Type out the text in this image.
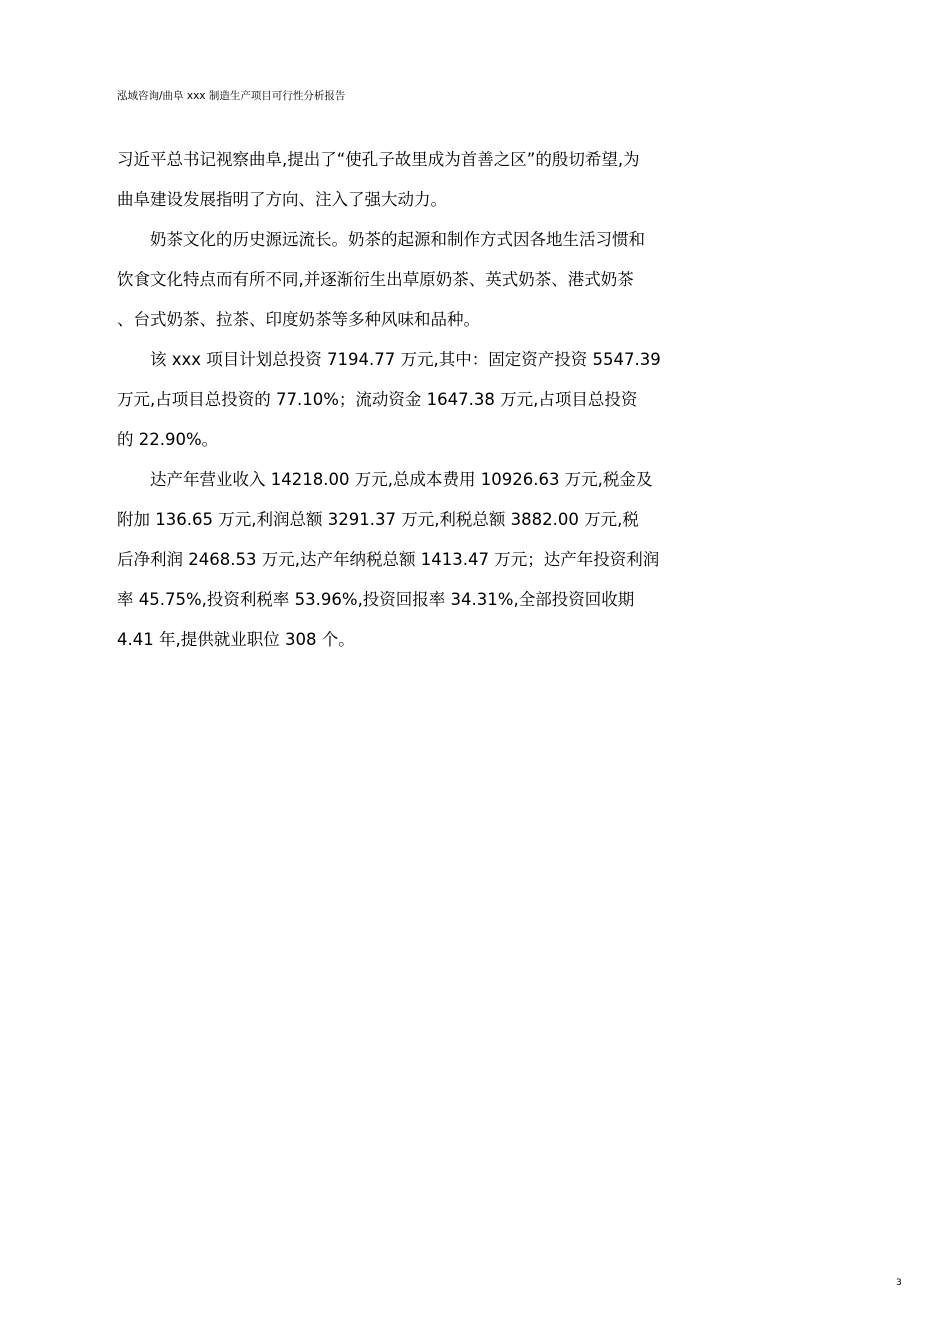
泓域咨询/曲阜 xxx 制造生产项目可行性分析报告
习近平总书记视察曲阜,提出了“使孔子故里成为首善之区”的殷切希望,为
曲阜建设发展指明了方向、注入了强大动力。
奶茶文化的历史源远流长。奶茶的起源和制作方式因各地生活习惯和
饮食文化特点而有所不同,并逐渐衍生出草原奶茶、英式奶茶、港式奶茶
、台式奶茶、拉茶、印度奶茶等多种风味和品种。
该 xxx 项目计划总投资 7194.77 万元,其中：固定资产投资 5547.39
万元,占项目总投资的 77.10%；流动资金 1647.38 万元,占项目总投资
的 22.90%。
达产年营业收入 14218.00 万元,总成本费用 10926.63 万元,税金及
附加 136.65 万元,利润总额 3291.37 万元,利税总额 3882.00 万元,税
后净利润 2468.53 万元,达产年纳税总额 1413.47 万元；达产年投资利润
率 45.75%,投资利税率 53.96%,投资回报率 34.31%,全部投资回收期
4.41 年,提供就业职位 308 个。
3
